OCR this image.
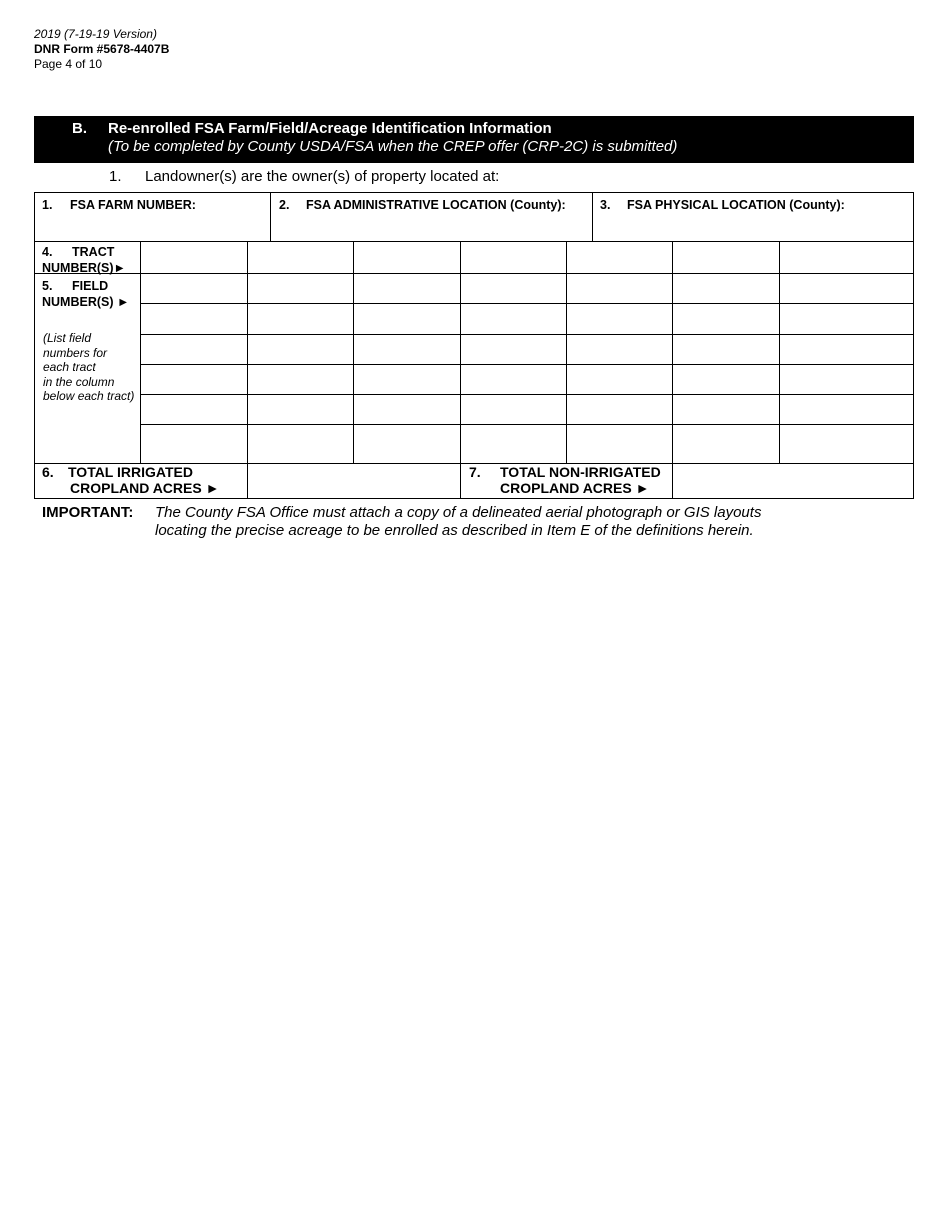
2019 (7-19-19 Version)
DNR Form #5678-4407B
Page 4 of 10
B. Re-enrolled FSA Farm/Field/Acreage Identification Information
(To be completed by County USDA/FSA when the CREP offer (CRP-2C) is submitted)
1. Landowner(s) are the owner(s) of property located at:
1. FSA FARM NUMBER:	2. FSA ADMINISTRATIVE LOCATION (County):	3. FSA PHYSICAL LOCATION (County):
4. TRACT
NUMBER(S)►
5. FIELD
NUMBER(S) ►
(List field
numbers for
each tract
in the column
below each tract)
6. TOTAL IRRIGATED
CROPLAND ACRES ►
7. TOTAL NON-IRRIGATED
CROPLAND ACRES ►
IMPORTANT: The County FSA Office must attach a copy of a delineated aerial photograph or GIS layouts
locating the precise acreage to be enrolled as described in Item E of the definitions herein.
